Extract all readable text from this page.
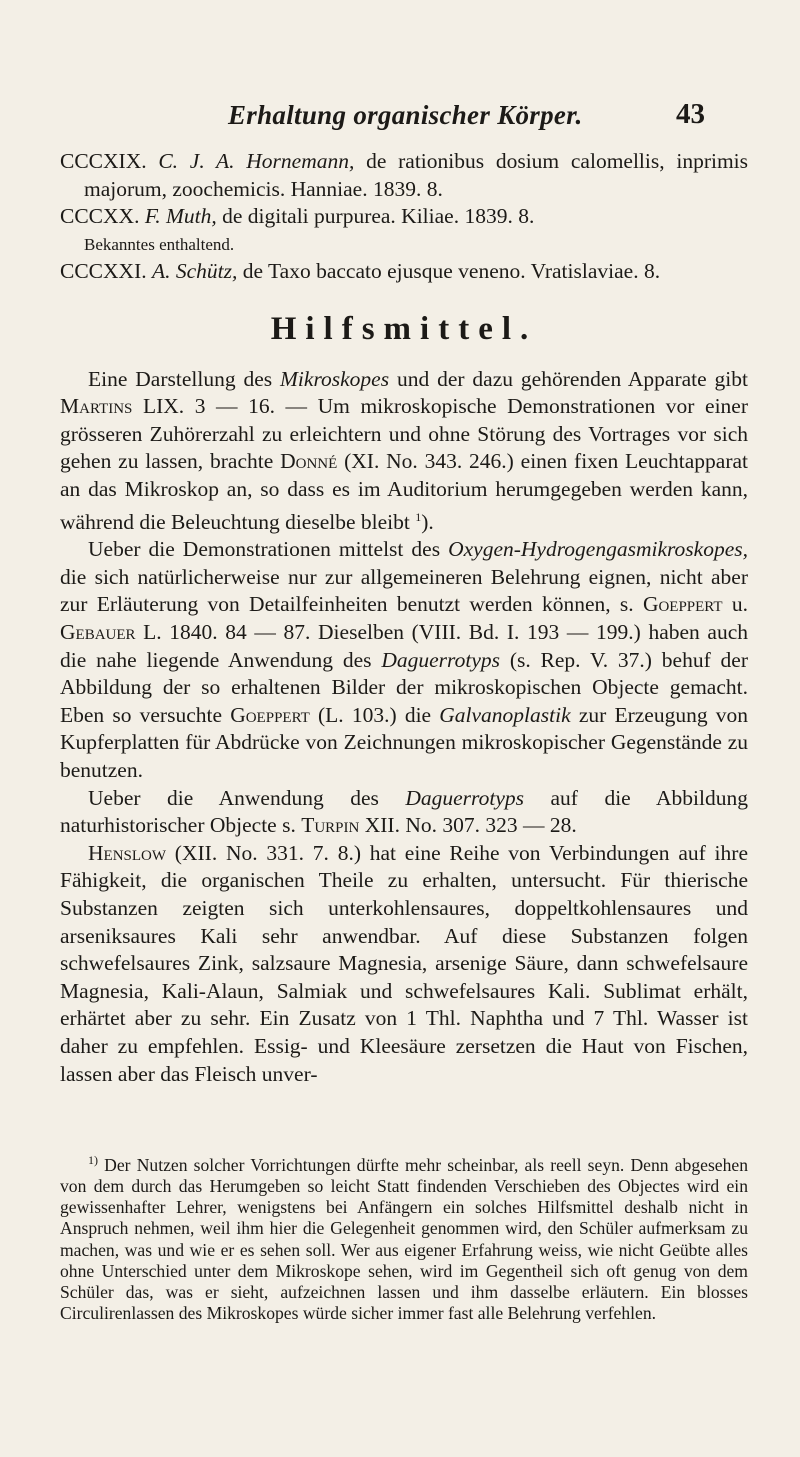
Erhaltung organischer Körper.	43

CCCXIX. C. J. A. Hornemann, de rationibus dosium calomellis, inprimis majorum, zoochemicis. Hanniae. 1839. 8.

CCCXX. F. Muth, de digitali purpurea. Kiliae. 1839. 8.
Bekanntes enthaltend.

CCCXXI. A. Schütz, de Taxo baccato ejusque veneno. Vratislaviae. 8.

Hilfsmittel.

Eine Darstellung des Mikroskopes und der dazu gehörenden Apparate gibt Martins LIX. 3 — 16. — Um mikroskopische Demonstrationen vor einer grösseren Zuhörerzahl zu erleichtern und ohne Störung des Vortrages vor sich gehen zu lassen, brachte Donné (XI. No. 343. 246.) einen fixen Leuchtapparat an das Mikroskop an, so dass es im Auditorium herumgegeben werden kann, während die Beleuchtung dieselbe bleibt $^1$).

Ueber die Demonstrationen mittelst des Oxygen-Hydrogengasmikroskopes, die sich natürlicherweise nur zur allgemeineren Belehrung eignen, nicht aber zur Erläuterung von Detailfeinheiten benutzt werden können, s. Goeppert u. Gebauer L. 1840. 84 — 87. Dieselben (VIII. Bd. I. 193 — 199.) haben auch die nahe liegende Anwendung des Daguerrotyps (s. Rep. V. 37.) behuf der Abbildung der so erhaltenen Bilder der mikroskopischen Objecte gemacht. Eben so versuchte Goeppert (L. 103.) die Galvanoplastik zur Erzeugung von Kupferplatten für Abdrücke von Zeichnungen mikroskopischer Gegenstände zu benutzen.

Ueber die Anwendung des Daguerrotyps auf die Abbildung naturhistorischer Objecte s. Turpin XII. No. 307. 323 — 28.

Henslow (XII. No. 331. 7. 8.) hat eine Reihe von Verbindungen auf ihre Fähigkeit, die organischen Theile zu erhalten, untersucht. Für thierische Substanzen zeigten sich unterkohlensaures, doppeltkohlensaures und arseniksaures Kali sehr anwendbar. Auf diese Substanzen folgen schwefelsaures Zink, salzsaure Magnesia, arsenige Säure, dann schwefelsaure Magnesia, Kali-Alaun, Salmiak und schwefelsaures Kali. Sublimat erhält, erhärtet aber zu sehr. Ein Zusatz von 1 Thl. Naphtha und 7 Thl. Wasser ist daher zu empfehlen. Essig- und Kleesäure zersetzen die Haut von Fischen, lassen aber das Fleisch unver-

$^{1)}$ Der Nutzen solcher Vorrichtungen dürfte mehr scheinbar, als reell seyn. Denn abgesehen von dem durch das Herumgeben so leicht Statt findenden Verschieben des Objectes wird ein gewissenhafter Lehrer, wenigstens bei Anfängern ein solches Hilfsmittel deshalb nicht in Anspruch nehmen, weil ihm hier die Gelegenheit genommen wird, den Schüler aufmerksam zu machen, was und wie er es sehen soll. Wer aus eigener Erfahrung weiss, wie nicht Geübte alles ohne Unterschied unter dem Mikroskope sehen, wird im Gegentheil sich oft genug von dem Schüler das, was er sieht, aufzeichnen lassen und ihm dasselbe erläutern. Ein blosses Circulirenlassen des Mikroskopes würde sicher immer fast alle Belehrung verfehlen.
